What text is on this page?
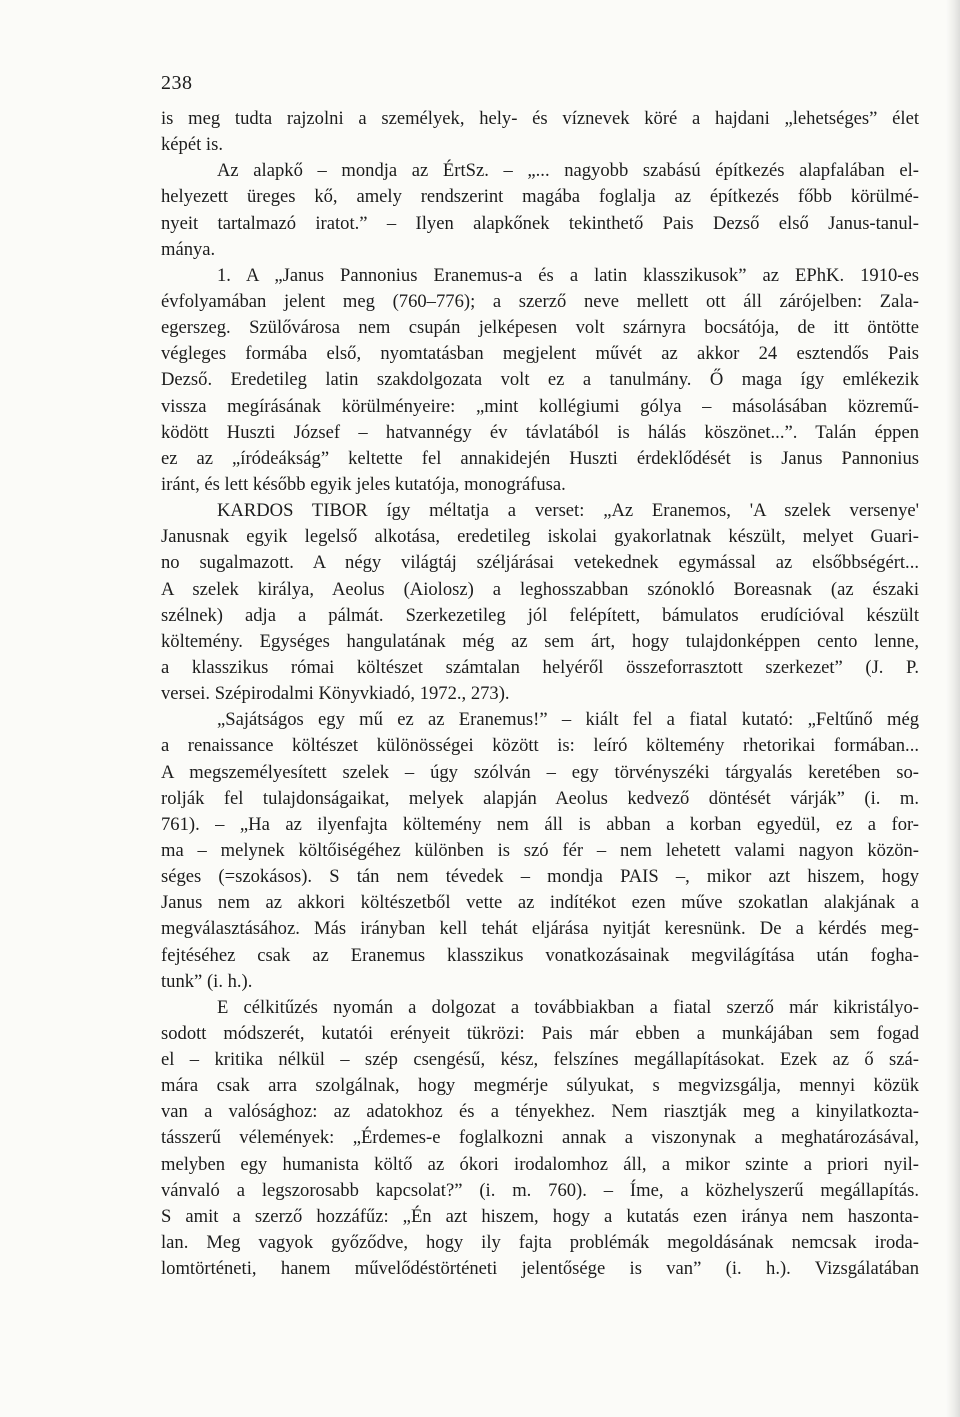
238
is meg tudta rajzolni a személyek, hely- és víznevek köré a hajdani „lehetséges” élet
képét is.
Az alapkő – mondja az ÉrtSz. – „... nagyobb szabású építkezés alapfalában el-
helyezett üreges kő, amely rendszerint magába foglalja az építkezés főbb körülmé-
nyeit tartalmazó iratot.” – Ilyen alapkőnek tekinthető Pais Dezső első Janus-tanul-
mánya.
1. A „Janus Pannonius Eranemus-a és a latin klasszikusok” az EPhK. 1910-es
évfolyamában jelent meg (760–776); a szerző neve mellett ott áll zárójelben: Zala-
egerszeg. Szülővárosa nem csupán jelképesen volt szárnyra bocsátója, de itt öntötte
végleges formába első, nyomtatásban megjelent művét az akkor 24 esztendős Pais
Dezső. Eredetileg latin szakdolgozata volt ez a tanulmány. Ő maga így emlékezik
vissza megírásának körülményeire: „mint kollégiumi gólya – másolásában közremű-
ködött Huszti József – hatvannégy év távlatából is hálás köszönet...”. Talán éppen
ez az „íródeákság” keltette fel annakidején Huszti érdeklődését is Janus Pannonius
iránt, és lett később egyik jeles kutatója, monográfusa.
KARDOS TIBOR így méltatja a verset: „Az Eranemos, 'A szelek versenye'
Janusnak egyik legelső alkotása, eredetileg iskolai gyakorlatnak készült, melyet Guari-
no sugalmazott. A négy világtáj széljárásai vetekednek egymással az elsőbbségért...
A szelek királya, Aeolus (Aiolosz) a leghosszabban szónokló Boreasnak (az északi
szélnek) adja a pálmát. Szerkezetileg jól felépített, bámulatos erudícióval készült
költemény. Egységes hangulatának még az sem árt, hogy tulajdonképpen cento lenne,
a klasszikus római költészet számtalan helyéről összeforrasztott szerkezet” (J. P.
versei. Szépirodalmi Könyvkiadó, 1972., 273).
„Sajátságos egy mű ez az Eranemus!” – kiált fel a fiatal kutató: „Feltűnő még
a renaissance költészet különösségei között is: leíró költemény rhetorikai formában...
A megszemélyesített szelek – úgy szólván – egy törvényszéki tárgyalás keretében so-
rolják fel tulajdonságaikat, melyek alapján Aeolus kedvező döntését várják” (i. m.
761). – „Ha az ilyenfajta költemény nem áll is abban a korban egyedül, ez a for-
ma – melynek költőiségéhez különben is szó fér – nem lehetett valami nagyon közön-
séges (=szokásos). S tán nem tévedek – mondja PAIS –, mikor azt hiszem, hogy
Janus nem az akkori költészetből vette az indítékot ezen műve szokatlan alakjának a
megválasztásához. Más irányban kell tehát eljárása nyitját keresnünk. De a kérdés meg-
fejtéséhez csak az Eranemus klasszikus vonatkozásainak megvilágítása után fogha-
tunk” (i. h.).
E célkitűzés nyomán a dolgozat a továbbiakban a fiatal szerző már kikristályo-
sodott módszerét, kutatói erényeit tükrözi: Pais már ebben a munkájában sem fogad
el – kritika nélkül – szép csengésű, kész, felszínes megállapításokat. Ezek az ő szá-
mára csak arra szolgálnak, hogy megmérje súlyukat, s megvizsgálja, mennyi közük
van a valósághoz: az adatokhoz és a tényekhez. Nem riasztják meg a kinyilatkozta-
tásszerű vélemények: „Érdemes-e foglalkozni annak a viszonynak a meghatározásával,
melyben egy humanista költő az ókori irodalomhoz áll, a mikor szinte a priori nyil-
vánvaló a legszorosabb kapcsolat?” (i. m. 760). – Íme, a közhelyszerű megállapítás.
S amit a szerző hozzáfűz: „Én azt hiszem, hogy a kutatás ezen iránya nem haszonta-
lan. Meg vagyok győződve, hogy ily fajta problémák megoldásának nemcsak iroda-
lomtörténeti, hanem művelődéstörténeti jelentősége is van” (i. h.). Vizsgálatában
